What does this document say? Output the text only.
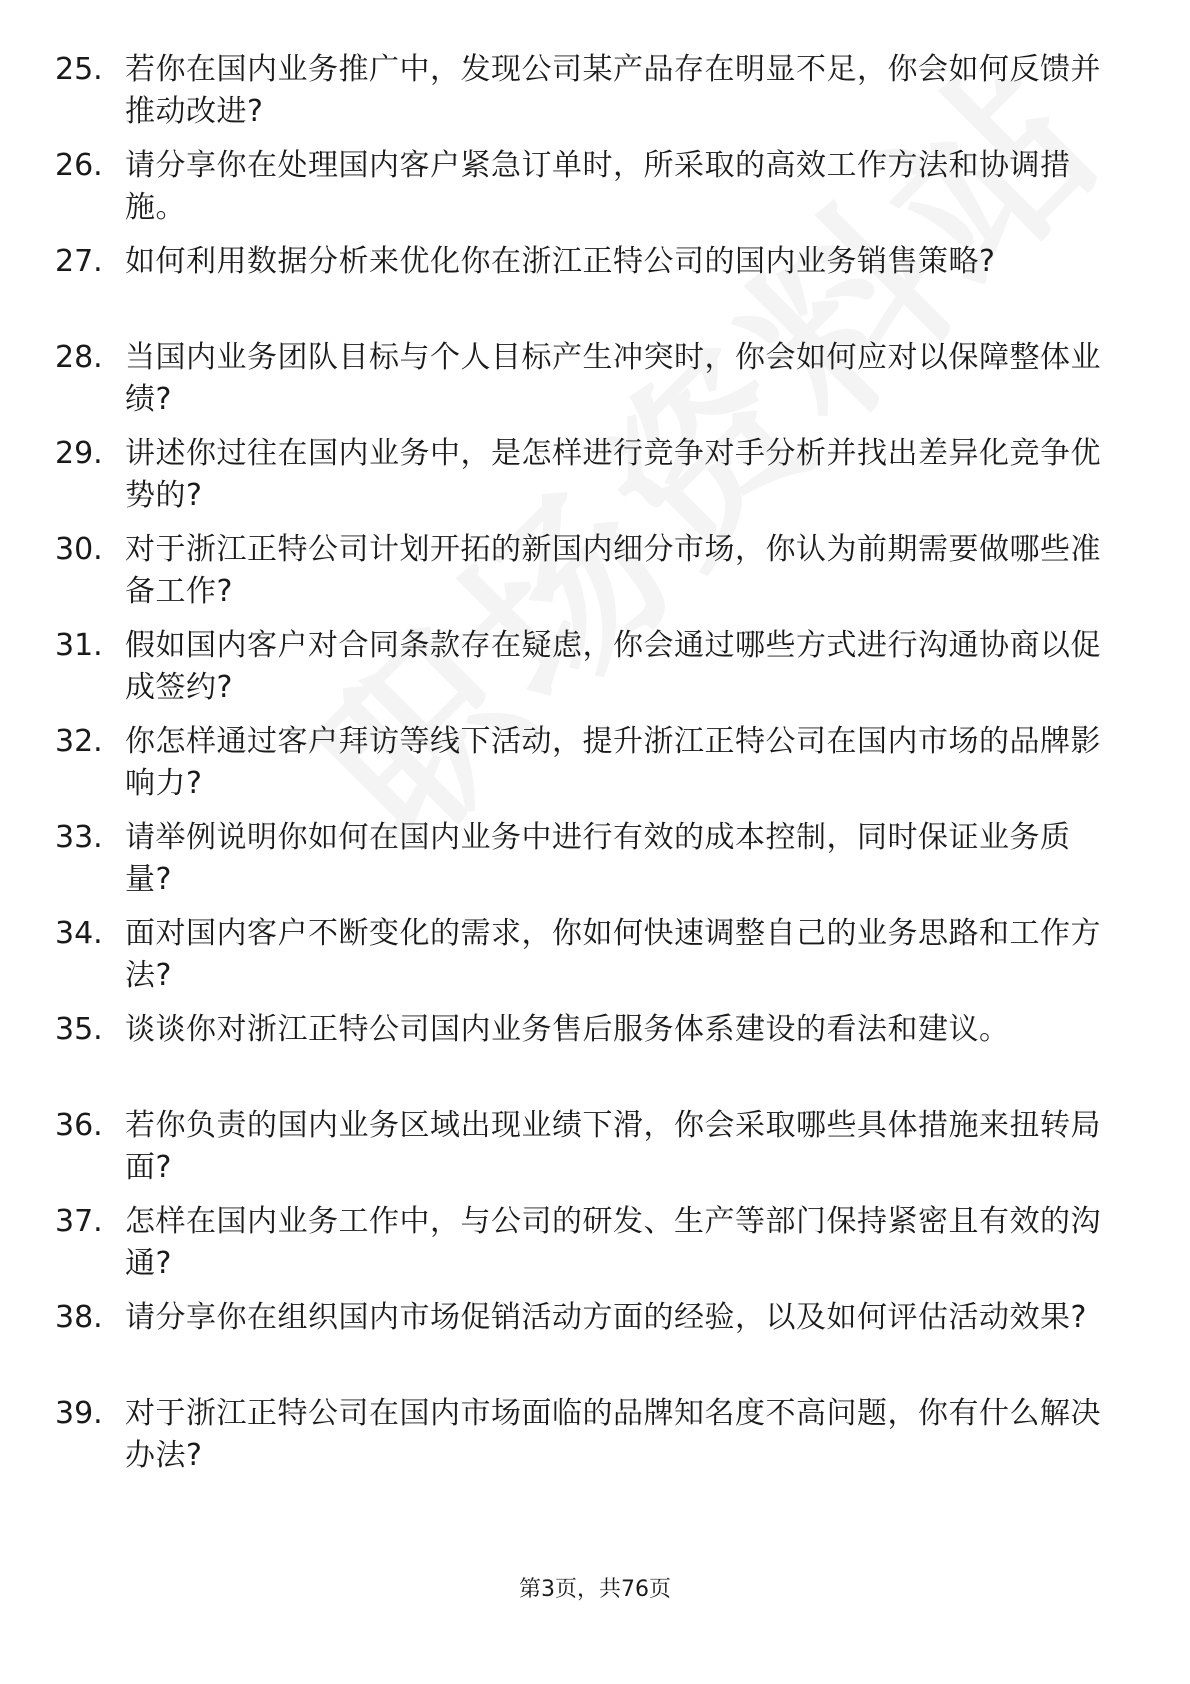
25. 若你在国内业务推广中，发现公司某产品存在明显不足，你会如何反馈并推动改进?
26. 请分享你在处理国内客户紧急订单时，所采取的高效工作方法和协调措施。
27. 如何利用数据分析来优化你在浙江正特公司的国内业务销售策略?
28. 当国内业务团队目标与个人目标产生冲突时，你会如何应对以保障整体业绩?
29. 讲述你过往在国内业务中，是怎样进行竞争对手分析并找出差异化竞争优势的?
30. 对于浙江正特公司计划开拓的新国内细分市场，你认为前期需要做哪些准备工作?
31. 假如国内客户对合同条款存在疑虑，你会通过哪些方式进行沟通协商以促成签约?
32. 你怎样通过客户拜访等线下活动，提升浙江正特公司在国内市场的品牌影响力?
33. 请举例说明你如何在国内业务中进行有效的成本控制，同时保证业务质量?
34. 面对国内客户不断变化的需求，你如何快速调整自己的业务思路和工作方法?
35. 谈谈你对浙江正特公司国内业务售后服务体系建设的看法和建议。
36. 若你负责的国内业务区域出现业绩下滑，你会采取哪些具体措施来扭转局面?
37. 怎样在国内业务工作中，与公司的研发、生产等部门保持紧密且有效的沟通?
38. 请分享你在组织国内市场促销活动方面的经验，以及如何评估活动效果?
39. 对于浙江正特公司在国内市场面临的品牌知名度不高问题，你有什么解决办法?
第3页，共76页
